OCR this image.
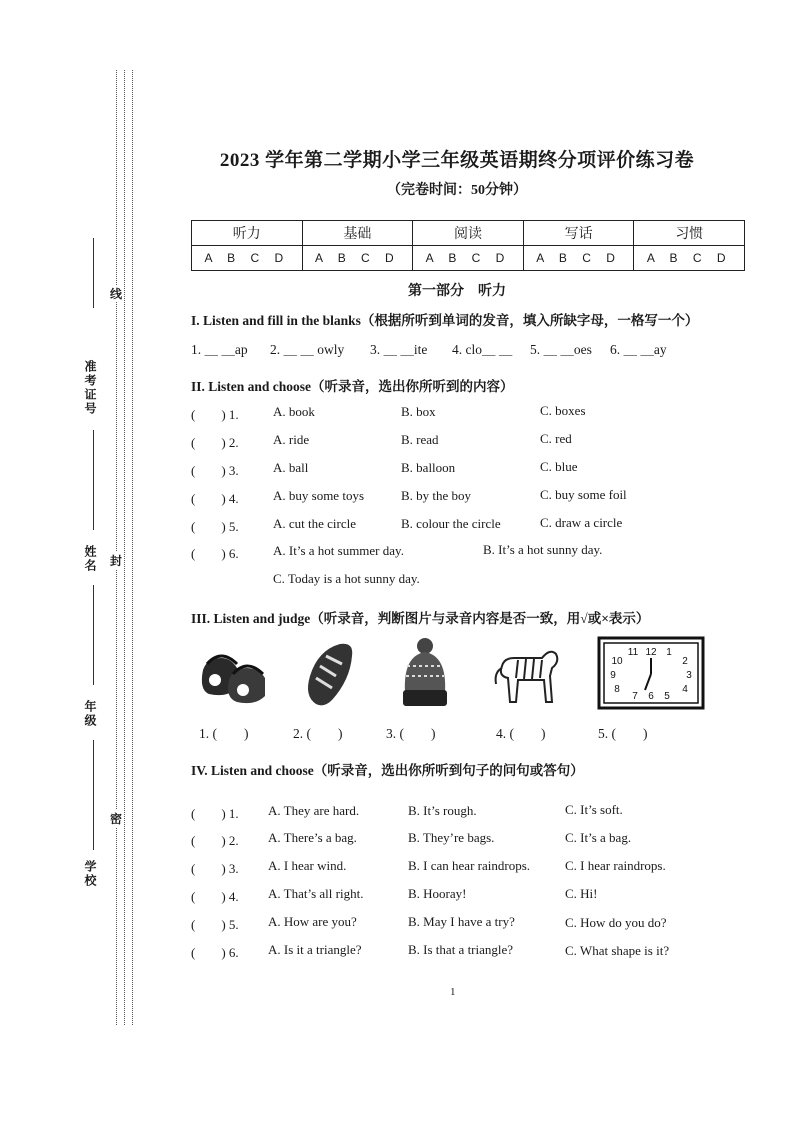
准考证号
姓名
年级
学校
线
封
密
2023 学年第二学期小学三年级英语期终分项评价练习卷
（完卷时间：50分钟）
听力	基础	阅读	写话	习惯
A B C D	A B C D	A B C D	A B C D	A B C D
第一部分　听力
I. Listen and fill in the blanks（根据所听到单词的发音，填入所缺字母，一格写一个）
1. ＿ ＿ap 2. ＿ ＿ owly 3. ＿ ＿ite 4. clo＿ ＿ 5. ＿ ＿oes 6. ＿ ＿ay
II. Listen and choose（听录音，选出你所听到的内容）
(　　) 1.	A. book	B. box	C. boxes
(　　) 2.	A. ride	B. read	C. red
(　　) 3.	A. ball	B. balloon	C. blue
(　　) 4.	A. buy some toys	B. by the boy	C. buy some foil
(　　) 5.	A. cut the circle	B. colour the circle	C. draw a circle
(　　) 6.	A. It’s a hot summer day.	B. It’s a hot sunny day.
C. Today is a hot sunny day.
III. Listen and judge（听录音，判断图片与录音内容是否一致，用√或×表示）
12 1
2
3
4
5
6
7
8
9
10
11
1. (　　)	2. (　　)	3. (　　)	4. (　　)	5. (　　)
IV. Listen and choose（听录音，选出你所听到句子的问句或答句）
(　　) 1. A. They are hard.	B. It’s rough.	C. It’s soft.
(　　) 2. A. There’s a bag.	B. They’re bags.	C. It’s a bag.
(　　) 3. A. I hear wind.	B. I can hear raindrops.	C. I hear raindrops.
(　　) 4. A. That’s all right.	B. Hooray!	C. Hi!
(　　) 5. A. How are you?	B. May I have a try?	C. How do you do?
(　　) 6. A. Is it a triangle?	B. Is that a triangle?	C. What shape is it?
1
